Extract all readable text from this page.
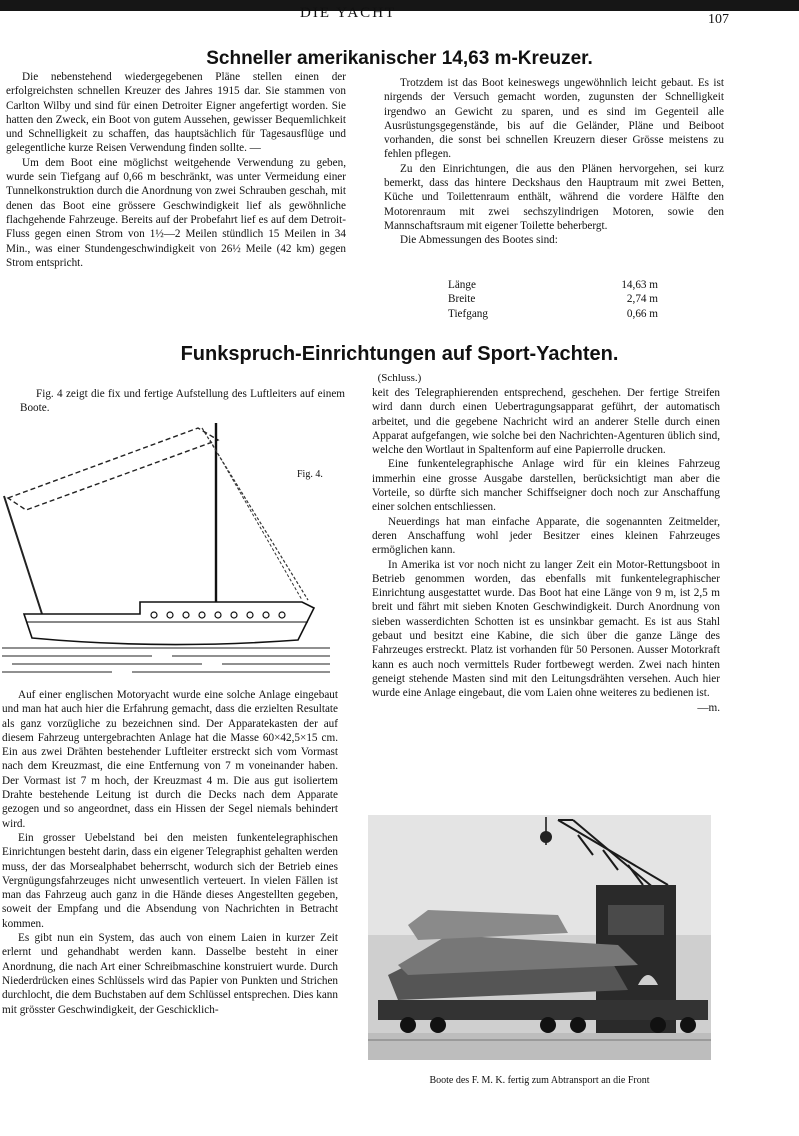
DIE YACHT	107
Schneller amerikanischer 14,63 m-Kreuzer.

Die nebenstehend wiedergegebenen Pläne stellen einen der erfolgreichsten schnellen Kreuzer des Jahres 1915 dar. Sie stammen von Carlton Wilby und sind für einen Detroiter Eigner angefertigt worden. Sie hatten den Zweck, ein Boot von gutem Aussehen, gewisser Bequemlichkeit und Schnelligkeit zu schaffen, das hauptsächlich für Tagesausflüge und gelegentliche kurze Reisen Verwendung finden sollte. —

Um dem Boot eine möglichst weitgehende Verwendung zu geben, wurde sein Tiefgang auf 0,66 m beschränkt, was unter Vermeidung einer Tunnelkonstruktion durch die Anordnung von zwei Schrauben geschah, mit denen das Boot eine grössere Geschwindigkeit lief als gewöhnliche flachgehende Fahrzeuge. Bereits auf der Probefahrt lief es auf dem Detroit-Fluss gegen einen Strom von 1½—2 Meilen stündlich 15 Meilen in 34 Min., was einer Stundengeschwindigkeit von 26½ Meile (42 km) gegen Strom entspricht.

Trotzdem ist das Boot keineswegs ungewöhnlich leicht gebaut. Es ist nirgends der Versuch gemacht worden, zugunsten der Schnelligkeit irgendwo an Gewicht zu sparen, und es sind im Gegenteil alle Ausrüstungsgegenstände, bis auf die Geländer, Pläne und Beiboot vorhanden, die sonst bei schnellen Kreuzern dieser Grösse meistens zu fehlen pflegen.

Zu den Einrichtungen, die aus den Plänen hervorgehen, sei kurz bemerkt, dass das hintere Deckshaus den Hauptraum mit zwei Betten, Küche und Toilettenraum enthält, während die vordere Hälfte den Motorenraum mit zwei sechszylindrigen Motoren, sowie den Mannschaftsraum mit eigener Toilette beherbergt.

Die Abmessungen des Bootes sind:

Länge	14,63 m
Breite	2,74 m
Tiefgang	0,66 m
Funkspruch-Einrichtungen auf Sport-Yachten.
(Schluss.)

Fig. 4 zeigt die fix und fertige Aufstellung des Luftleiters auf einem Boote.

Fig. 4.

Auf einer englischen Motoryacht wurde eine solche Anlage eingebaut und man hat auch hier die Erfahrung gemacht, dass die erzielten Resultate als ganz vorzügliche zu bezeichnen sind. Der Apparatekasten der auf diesem Fahrzeug untergebrachten Anlage hat die Masse 60×42,5×15 cm. Ein aus zwei Drähten bestehender Luftleiter erstreckt sich vom Vormast nach dem Kreuzmast, die eine Entfernung von 7 m voneinander haben. Der Vormast ist 7 m hoch, der Kreuzmast 4 m. Die aus gut isoliertem Drahte bestehende Leitung ist durch die Decks nach dem Apparate gezogen und so angeordnet, dass ein Hissen der Segel niemals behindert wird.

Ein grosser Uebelstand bei den meisten funkentelegraphischen Einrichtungen besteht darin, dass ein eigener Telegraphist gehalten werden muss, der das Morsealphabet beherrscht, wodurch sich der Betrieb eines Vergnügungsfahrzeuges nicht unwesentlich verteuert. In vielen Fällen ist man das Fahrzeug auch ganz in die Hände dieses Angestellten gegeben, soweit der Empfang und die Absendung von Nachrichten in Betracht kommen.

Es gibt nun ein System, das auch von einem Laien in kurzer Zeit erlernt und gehandhabt werden kann. Dasselbe besteht in einer Anordnung, die nach Art einer Schreibmaschine konstruiert wurde. Durch Niederdrücken eines Schlüssels wird das Papier von Punkten und Strichen durchlocht, die dem Buchstaben auf dem Schlüssel entsprechen. Dies kann mit grösster Geschwindigkeit, der Geschicklich-

keit des Telegraphierenden entsprechend, geschehen. Der fertige Streifen wird dann durch einen Uebertragungsapparat geführt, der automatisch arbeitet, und die gegebene Nachricht wird an anderer Stelle durch einen Apparat aufgefangen, wie solche bei den Nachrichten-Agenturen üblich sind, welche den Wortlaut in Spaltenform auf eine Papierrolle drucken.

Eine funkentelegraphische Anlage wird für ein kleines Fahrzeug immerhin eine grosse Ausgabe darstellen, berücksichtigt man aber die Vorteile, so dürfte sich mancher Schiffseigner doch noch zur Anschaffung einer solchen entschliessen.

Neuerdings hat man einfache Apparate, die sogenannten Zeitmelder, deren Anschaffung wohl jeder Besitzer eines kleinen Fahrzeuges ermöglichen kann.

In Amerika ist vor noch nicht zu langer Zeit ein Motor-Rettungsboot in Betrieb genommen worden, das ebenfalls mit funkentelegraphischer Einrichtung ausgestattet wurde. Das Boot hat eine Länge von 9 m, ist 2,5 m breit und fährt mit sieben Knoten Geschwindigkeit. Durch Anordnung von sieben wasserdichten Schotten ist es unsinkbar gemacht. Es ist aus Stahl gebaut und besitzt eine Kabine, die sich über die ganze Länge des Fahrzeuges erstreckt. Platz ist vorhanden für 50 Personen. Ausser Motorkraft kann es auch noch vermittels Ruder fortbewegt werden. Zwei nach hinten geneigt stehende Masten sind mit den Leitungsdrähten versehen. Auch hier wurde eine Anlage eingebaut, die vom Laien ohne weiteres zu bedienen ist.

—m.

Boote des F. M. K. fertig zum Abtransport an die Front
